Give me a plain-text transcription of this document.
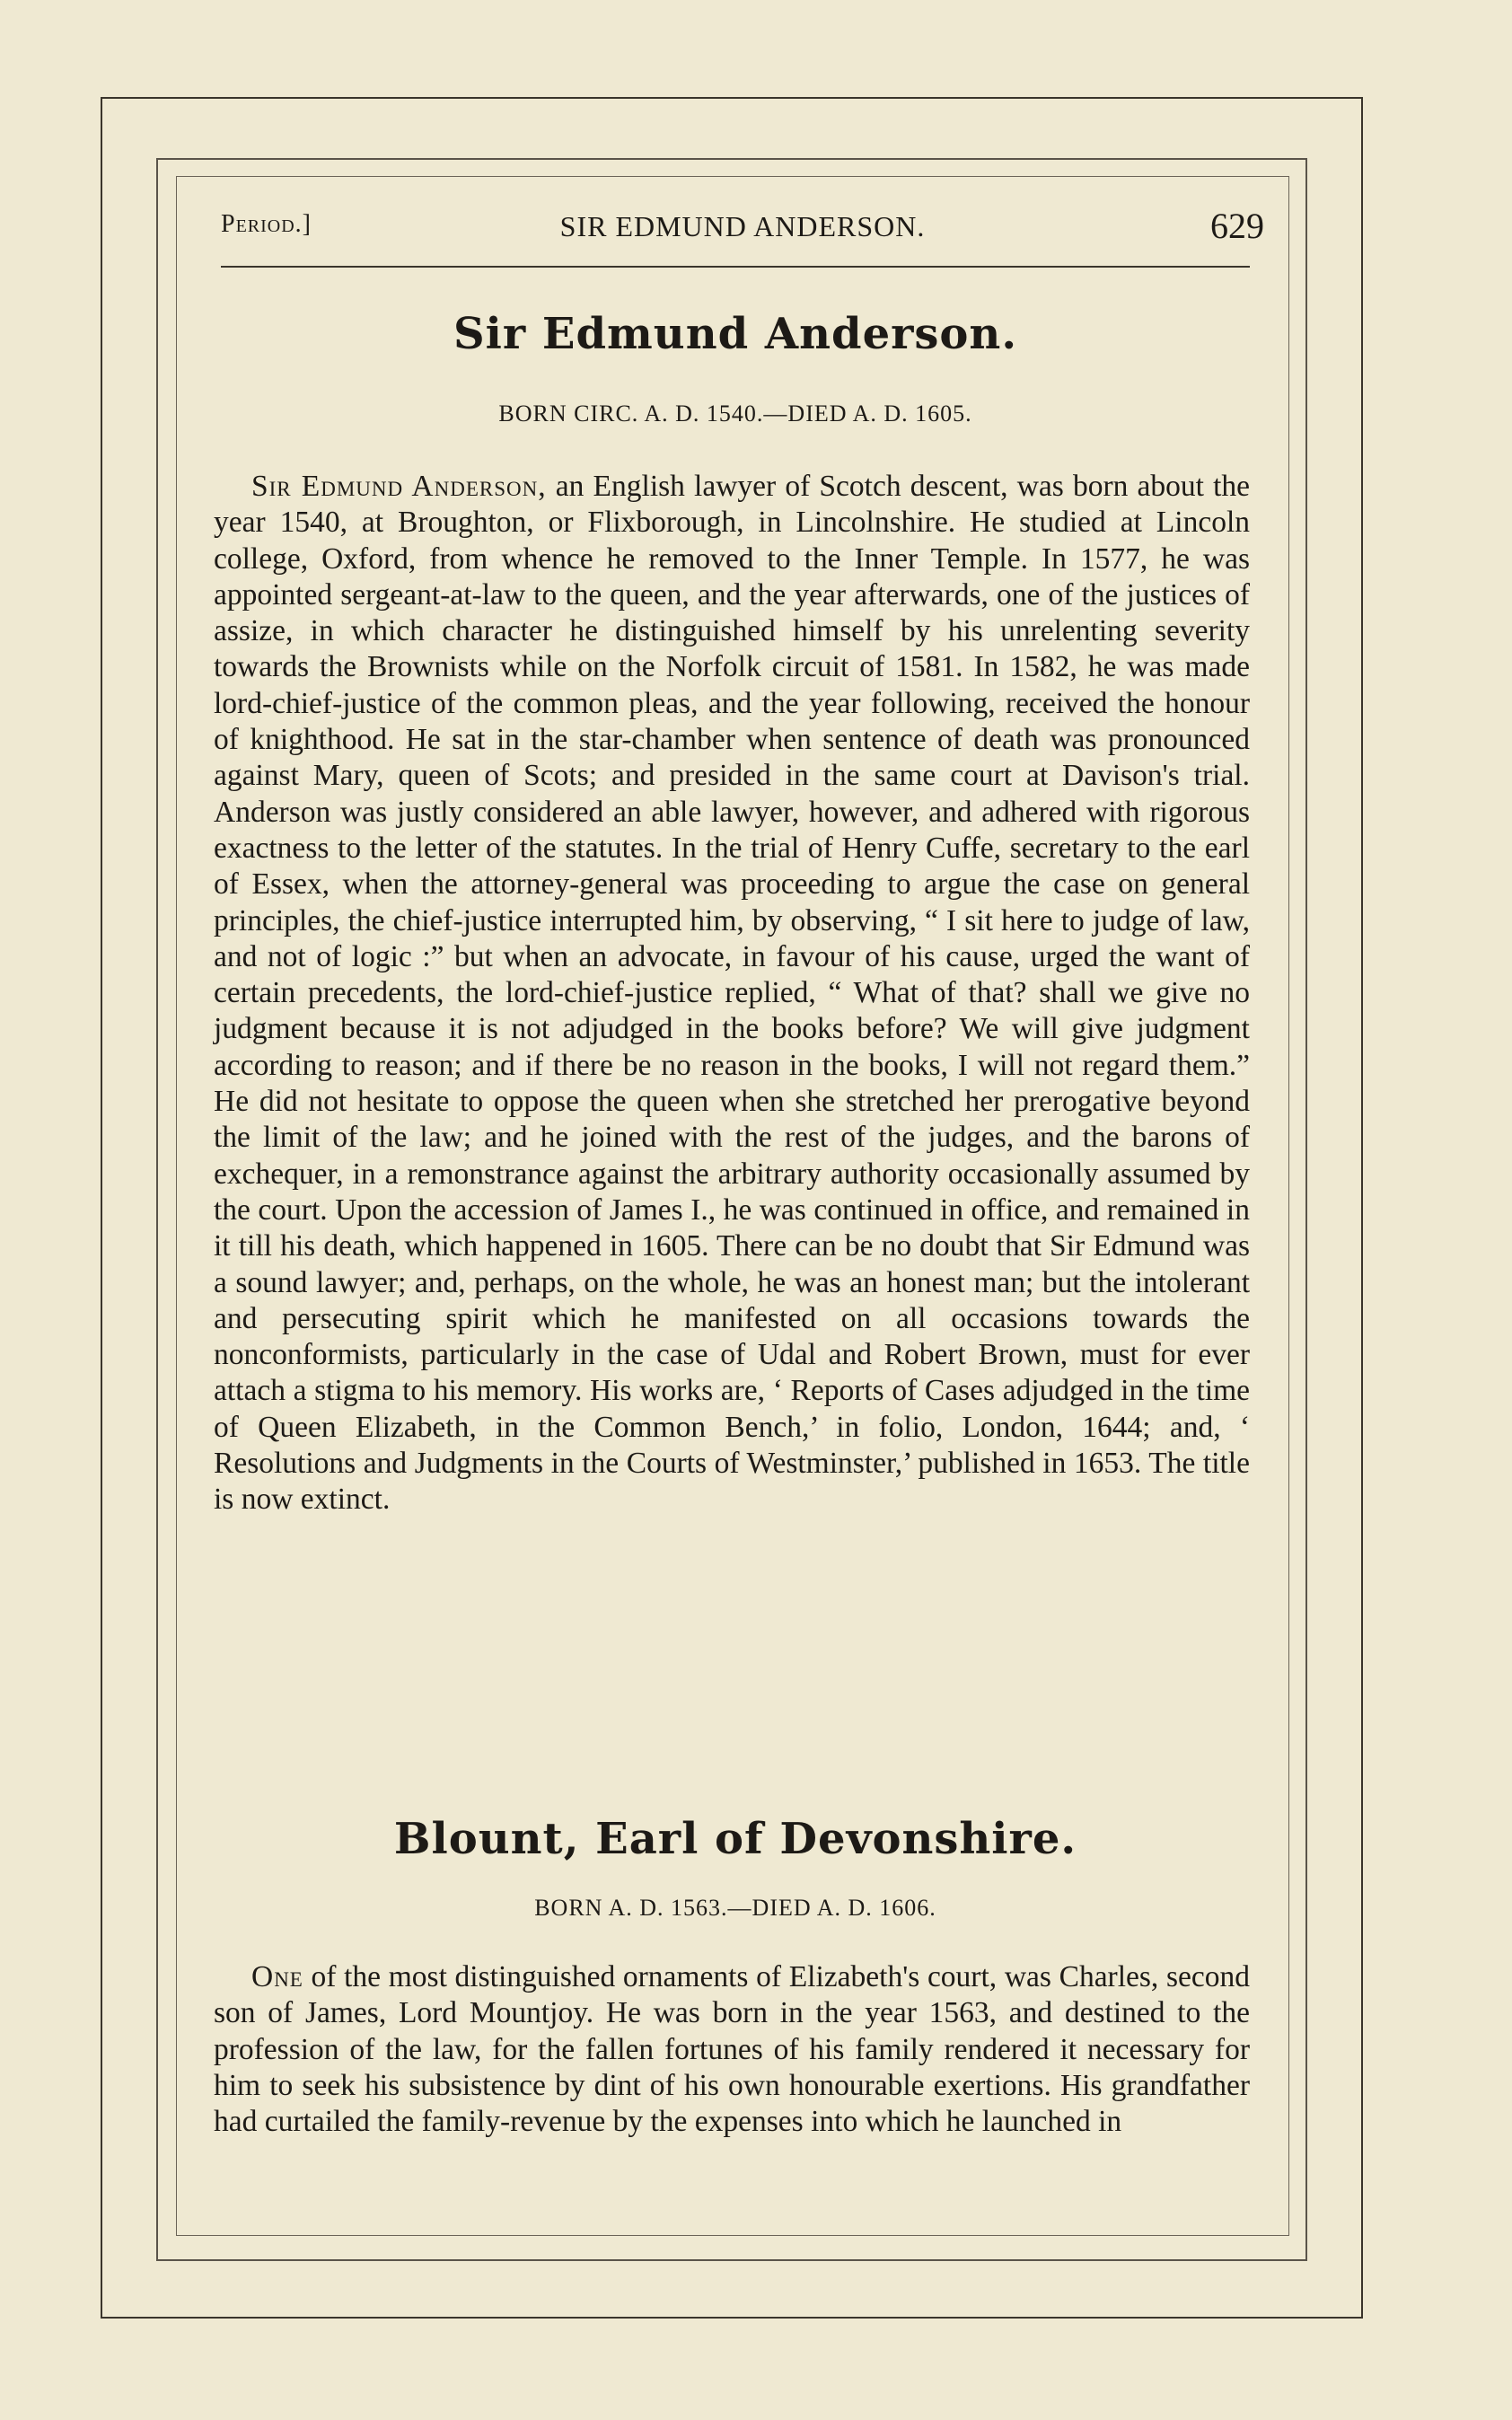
Period.]	SIR EDMUND ANDERSON.	629
Sir Edmund Anderson.
BORN CIRC. A. D. 1540.—DIED A. D. 1605.

Sir Edmund Anderson, an English lawyer of Scotch descent, was born about the year 1540, at Broughton, or Flixborough, in Lincolnshire. He studied at Lincoln college, Oxford, from whence he removed to the Inner Temple. In 1577, he was appointed sergeant-at-law to the queen, and the year afterwards, one of the justices of assize, in which character he distinguished himself by his unrelenting severity towards the Brownists while on the Norfolk circuit of 1581. In 1582, he was made lord-chief-justice of the common pleas, and the year following, received the honour of knighthood. He sat in the star-chamber when sentence of death was pronounced against Mary, queen of Scots; and presided in the same court at Davison's trial. Anderson was justly considered an able lawyer, however, and adhered with rigorous exactness to the letter of the statutes. In the trial of Henry Cuffe, secretary to the earl of Essex, when the attorney-general was proceeding to argue the case on general principles, the chief-justice interrupted him, by observing, “ I sit here to judge of law, and not of logic :” but when an advocate, in favour of his cause, urged the want of certain precedents, the lord-chief-justice replied, “ What of that? shall we give no judgment because it is not adjudged in the books before? We will give judgment according to reason; and if there be no reason in the books, I will not regard them.” He did not hesitate to oppose the queen when she stretched her prerogative beyond the limit of the law; and he joined with the rest of the judges, and the barons of exchequer, in a remonstrance against the arbitrary authority occasionally assumed by the court. Upon the accession of James I., he was continued in office, and remained in it till his death, which happened in 1605. There can be no doubt that Sir Edmund was a sound lawyer; and, perhaps, on the whole, he was an honest man; but the intolerant and persecuting spirit which he manifested on all occasions towards the nonconformists, particularly in the case of Udal and Robert Brown, must for ever attach a stigma to his memory. His works are, ‘ Reports of Cases adjudged in the time of Queen Elizabeth, in the Common Bench,’ in folio, London, 1644; and, ‘ Resolutions and Judgments in the Courts of Westminster,’ published in 1653. The title is now extinct.

Blount, Earl of Devonshire.
BORN A. D. 1563.—DIED A. D. 1606.

One of the most distinguished ornaments of Elizabeth's court, was Charles, second son of James, Lord Mountjoy. He was born in the year 1563, and destined to the profession of the law, for the fallen fortunes of his family rendered it necessary for him to seek his subsistence by dint of his own honourable exertions. His grandfather had curtailed the family-revenue by the expenses into which he launched in
